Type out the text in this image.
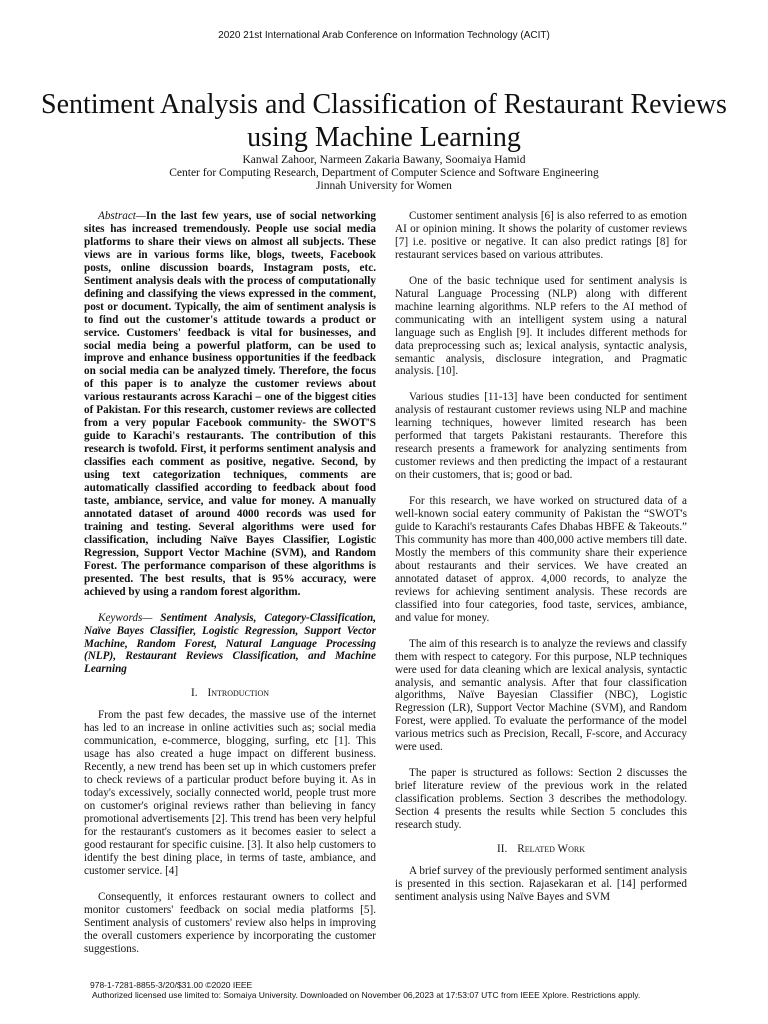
2020 21st International Arab Conference on Information Technology (ACIT)
Sentiment Analysis and Classification of Restaurant Reviews using Machine Learning
Kanwal Zahoor, Narmeen Zakaria Bawany, Soomaiya Hamid
Center for Computing Research, Department of Computer Science and Software Engineering
Jinnah University for Women

Abstract—In the last few years, use of social networking sites has increased tremendously. People use social media platforms to share their views on almost all subjects. These views are in various forms like, blogs, tweets, Facebook posts, online discussion boards, Instagram posts, etc. Sentiment analysis deals with the process of computationally defining and classifying the views expressed in the comment, post or document. Typically, the aim of sentiment analysis is to find out the customer's attitude towards a product or service. Customers' feedback is vital for businesses, and social media being a powerful platform, can be used to improve and enhance business opportunities if the feedback on social media can be analyzed timely. Therefore, the focus of this paper is to analyze the customer reviews about various restaurants across Karachi – one of the biggest cities of Pakistan. For this research, customer reviews are collected from a very popular Facebook community- the SWOT'S guide to Karachi's restaurants. The contribution of this research is twofold. First, it performs sentiment analysis and classifies each comment as positive, negative. Second, by using text categorization techniques, comments are automatically classified according to feedback about food taste, ambiance, service, and value for money. A manually annotated dataset of around 4000 records was used for training and testing. Several algorithms were used for classification, including Naïve Bayes Classifier, Logistic Regression, Support Vector Machine (SVM), and Random Forest. The performance comparison of these algorithms is presented. The best results, that is 95% accuracy, were achieved by using a random forest algorithm.

Keywords— Sentiment Analysis, Category-Classification, Naïve Bayes Classifier, Logistic Regression, Support Vector Machine, Random Forest, Natural Language Processing (NLP), Restaurant Reviews Classification, and Machine Learning

I. Introduction

From the past few decades, the massive use of the internet has led to an increase in online activities such as; social media communication, e-commerce, blogging, surfing, etc [1]. This usage has also created a huge impact on different business. Recently, a new trend has been set up in which customers prefer to check reviews of a particular product before buying it. As in today's excessively, socially connected world, people trust more on customer's original reviews rather than believing in fancy promotional advertisements [2]. This trend has been very helpful for the restaurant's customers as it becomes easier to select a good restaurant for specific cuisine. [3]. It also help customers to identify the best dining place, in terms of taste, ambiance, and customer service. [4]

Consequently, it enforces restaurant owners to collect and monitor customers' feedback on social media platforms [5]. Sentiment analysis of customers' review also helps in improving the overall customers experience by incorporating the customer suggestions.

Customer sentiment analysis [6] is also referred to as emotion AI or opinion mining. It shows the polarity of customer reviews [7] i.e. positive or negative. It can also predict ratings [8] for restaurant services based on various attributes.

One of the basic technique used for sentiment analysis is Natural Language Processing (NLP) along with different machine learning algorithms. NLP refers to the AI method of communicating with an intelligent system using a natural language such as English [9]. It includes different methods for data preprocessing such as; lexical analysis, syntactic analysis, semantic analysis, disclosure integration, and Pragmatic analysis. [10].

Various studies [11-13] have been conducted for sentiment analysis of restaurant customer reviews using NLP and machine learning techniques, however limited research has been performed that targets Pakistani restaurants. Therefore this research presents a framework for analyzing sentiments from customer reviews and then predicting the impact of a restaurant on their customers, that is; good or bad.

For this research, we have worked on structured data of a well-known social eatery community of Pakistan the “SWOT's guide to Karachi's restaurants Cafes Dhabas HBFE & Takeouts.” This community has more than 400,000 active members till date. Mostly the members of this community share their experience about restaurants and their services. We have created an annotated dataset of approx. 4,000 records, to analyze the reviews for achieving sentiment analysis. These records are classified into four categories, food taste, services, ambiance, and value for money.

The aim of this research is to analyze the reviews and classify them with respect to category. For this purpose, NLP techniques were used for data cleaning which are lexical analysis, syntactic analysis, and semantic analysis. After that four classification algorithms, Naïve Bayesian Classifier (NBC), Logistic Regression (LR), Support Vector Machine (SVM), and Random Forest, were applied. To evaluate the performance of the model various metrics such as Precision, Recall, F-score, and Accuracy were used.

The paper is structured as follows: Section 2 discusses the brief literature review of the previous work in the related classification problems. Section 3 describes the methodology. Section 4 presents the results while Section 5 concludes this research study.

II. Related Work

A brief survey of the previously performed sentiment analysis is presented in this section. Rajasekaran et al. [14] performed sentiment analysis using Naïve Bayes and SVM

978-1-7281-8855-3/20/$31.00 ©2020 IEEE
Authorized licensed use limited to: Somaiya University. Downloaded on November 06,2023 at 17:53:07 UTC from IEEE Xplore. Restrictions apply.
